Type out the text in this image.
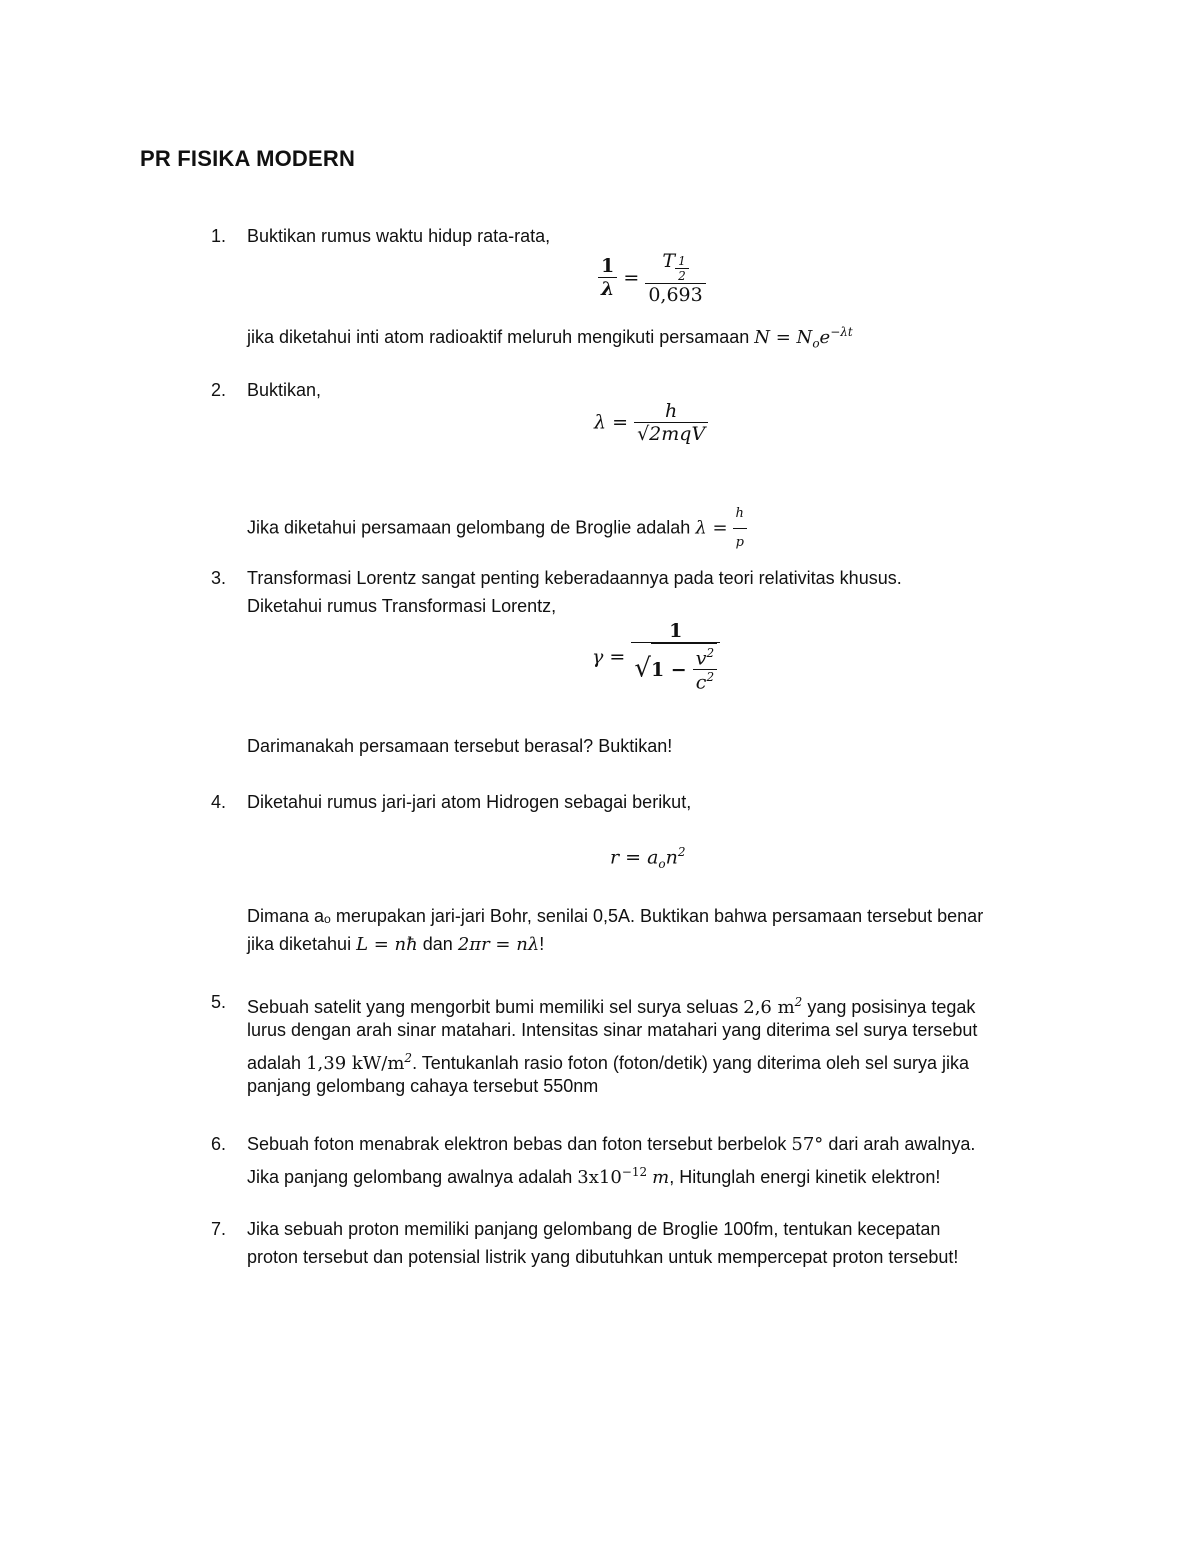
PR FISIKA MODERN
1. Buktikan rumus waktu hidup rata-rata,
$\frac{1}{\lambda} = T$ $_{\frac{1}{2}}$
0,693
jika diketahui inti atom radioaktif meluruh mengikuti persamaan $N = N_oe^{-\lambda t}$
2. Buktikan,
$\lambda = \frac{h}{\text{√2mqV}}$
Jika diketahui persamaan gelombang de Broglie adalah $\lambda = \frac{h}{p}$
3. Transformasi Lorentz sangat penting keberadaannya pada teori relativitas khusus.
Diketahui rumus Transformasi Lorentz,
$\gamma = \frac{1}{√1 - \frac{v^2}{c^2}}$
Darimanakah persamaan tersebut berasal? Buktikan!
4. Diketahui rumus jari-jari atom Hidrogen sebagai berikut,
$r = a_on^2$
Dimana aₒ merupakan jari-jari Bohr, senilai 0,5A. Buktikan bahwa persamaan tersebut benar
jika diketahui L = nħ dan 2πr = nλ!
5. Sebuah satelit yang mengorbit bumi memiliki sel surya seluas 2,6 $m^2$ yang posisinya tegak
lurus dengan arah sinar matahari. Intensitas sinar matahari yang diterima sel surya tersebut
adalah 1,39 $kW/m^2$. Tentukanlah rasio foton (foton/detik) yang diterima oleh sel surya jika
panjang gelombang cahaya tersebut 550nm
6. Sebuah foton menabrak elektron bebas dan foton tersebut berbelok 57° dari arah awalnya.
Jika panjang gelombang awalnya adalah $3x10^{-12}$ m, Hitunglah energi kinetik elektron!
7. Jika sebuah proton memiliki panjang gelombang de Broglie 100fm, tentukan kecepatan
proton tersebut dan potensial listrik yang dibutuhkan untuk mempercepat proton tersebut!
